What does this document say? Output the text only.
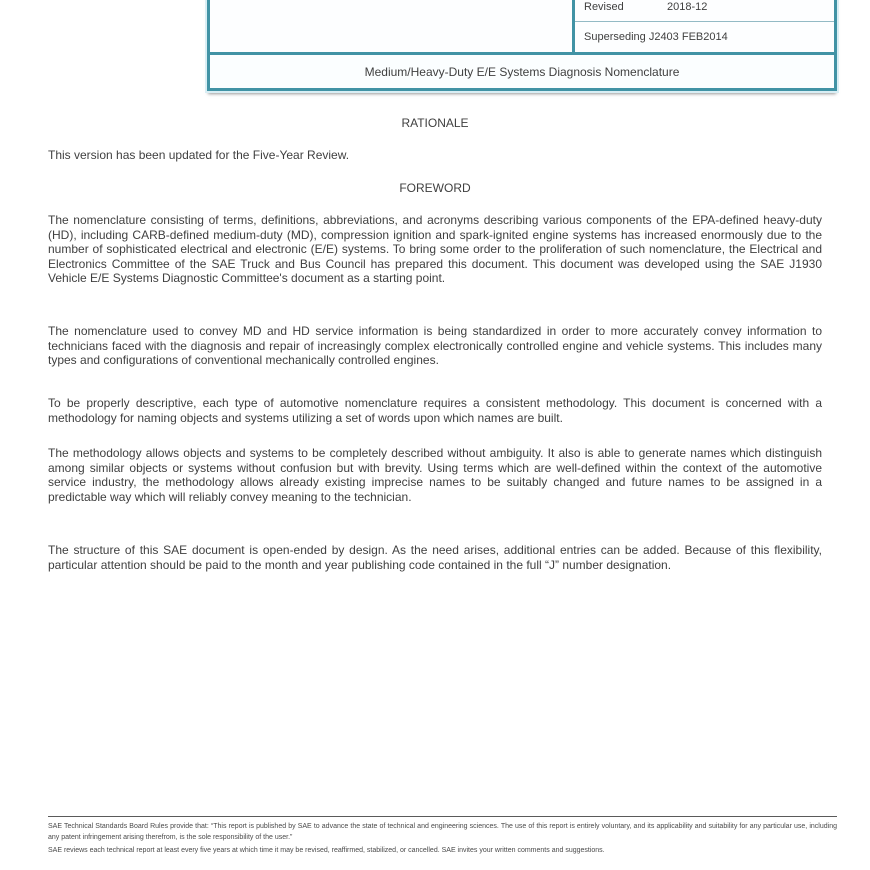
Revised	2018-12
Superseding J2403 FEB2014
Medium/Heavy-Duty E/E Systems Diagnosis Nomenclature
RATIONALE
This version has been updated for the Five-Year Review.
FOREWORD
The nomenclature consisting of terms, definitions, abbreviations, and acronyms describing various components of the EPA-defined heavy-duty (HD), including CARB-defined medium-duty (MD), compression ignition and spark-ignited engine systems has increased enormously due to the number of sophisticated electrical and electronic (E/E) systems. To bring some order to the proliferation of such nomenclature, the Electrical and Electronics Committee of the SAE Truck and Bus Council has prepared this document. This document was developed using the SAE J1930 Vehicle E/E Systems Diagnostic Committee's document as a starting point.
The nomenclature used to convey MD and HD service information is being standardized in order to more accurately convey information to technicians faced with the diagnosis and repair of increasingly complex electronically controlled engine and vehicle systems. This includes many types and configurations of conventional mechanically controlled engines.
To be properly descriptive, each type of automotive nomenclature requires a consistent methodology. This document is concerned with a methodology for naming objects and systems utilizing a set of words upon which names are built.
The methodology allows objects and systems to be completely described without ambiguity. It also is able to generate names which distinguish among similar objects or systems without confusion but with brevity. Using terms which are well-defined within the context of the automotive service industry, the methodology allows already existing imprecise names to be suitably changed and future names to be assigned in a predictable way which will reliably convey meaning to the technician.
The structure of this SAE document is open-ended by design. As the need arises, additional entries can be added. Because of this flexibility, particular attention should be paid to the month and year publishing code contained in the full “J” number designation.
SAE Technical Standards Board Rules provide that: “This report is published by SAE to advance the state of technical and engineering sciences. The use of this report is entirely voluntary, and its applicability and suitability for any particular use, including any patent infringement arising therefrom, is the sole responsibility of the user.”
SAE reviews each technical report at least every five years at which time it may be revised, reaffirmed, stabilized, or cancelled. SAE invites your written comments and suggestions.
